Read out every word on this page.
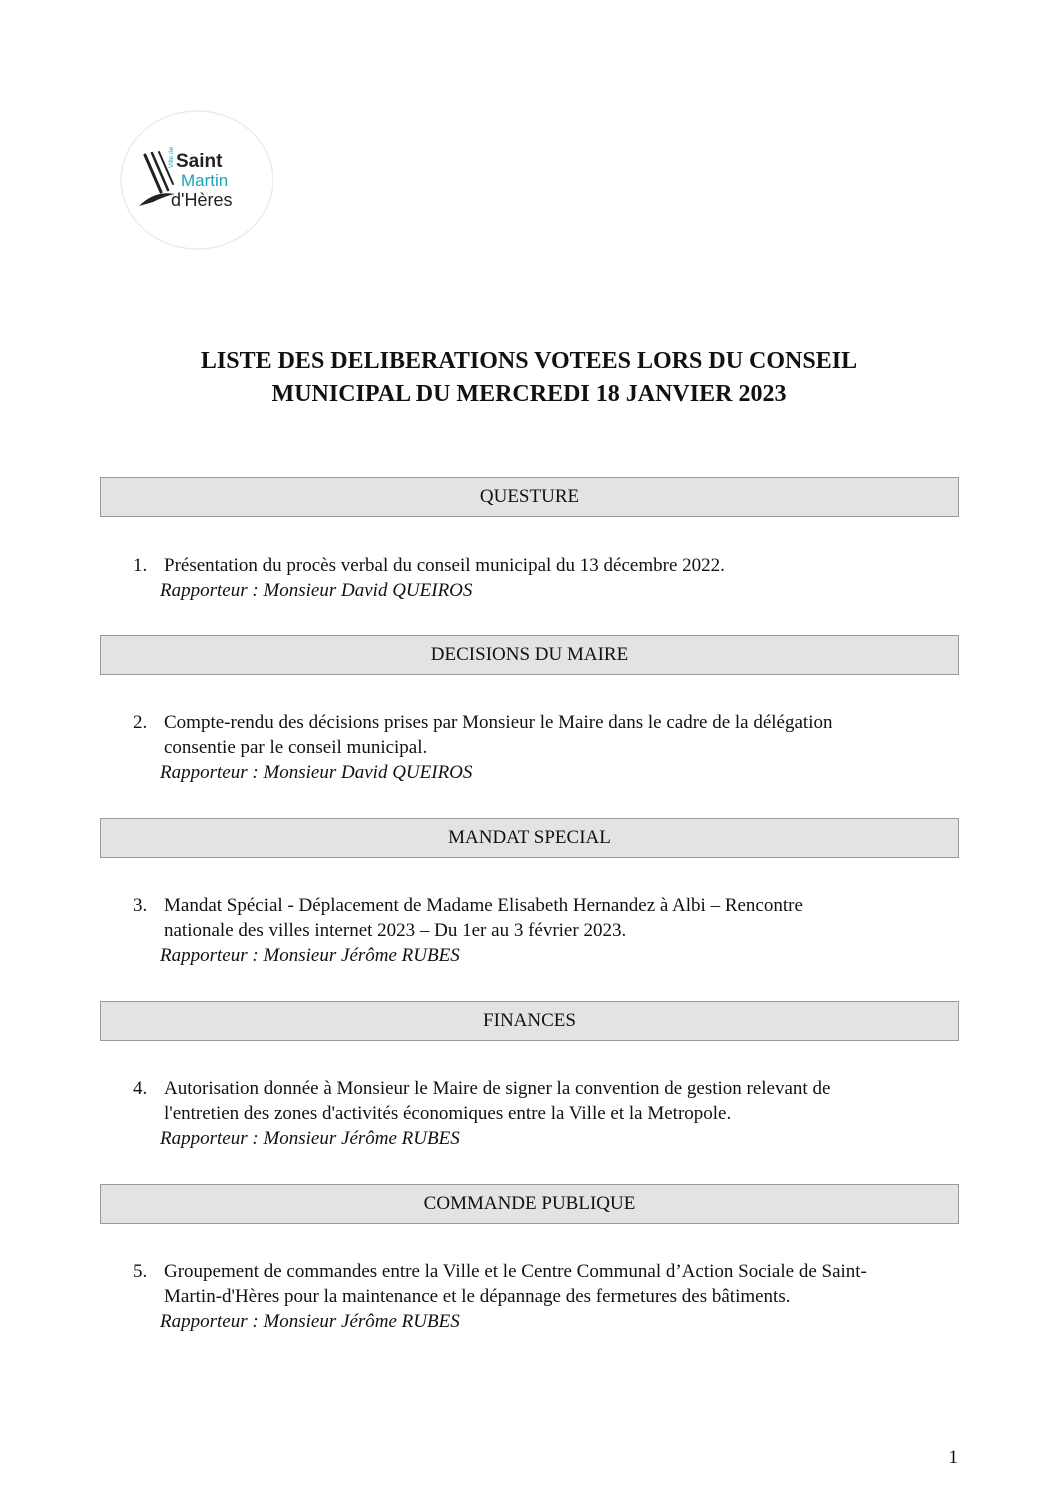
Ville de Saint
Martin
d'Hères
LISTE DES DELIBERATIONS VOTEES LORS DU CONSEIL
MUNICIPAL DU MERCREDI 18 JANVIER 2023
QUESTURE
1. Présentation du procès verbal du conseil municipal du 13 décembre 2022.
Rapporteur : Monsieur David QUEIROS
DECISIONS DU MAIRE
2. Compte-rendu des décisions prises par Monsieur le Maire dans le cadre de la délégation
consentie par le conseil municipal.
Rapporteur : Monsieur David QUEIROS
MANDAT SPECIAL
3. Mandat Spécial - Déplacement de Madame Elisabeth Hernandez à Albi – Rencontre
nationale des villes internet 2023 – Du 1er au 3 février 2023.
Rapporteur : Monsieur Jérôme RUBES
FINANCES
4. Autorisation donnée à Monsieur le Maire de signer la convention de gestion relevant de
l'entretien des zones d'activités économiques entre la Ville et la Metropole.
Rapporteur : Monsieur Jérôme RUBES
COMMANDE PUBLIQUE
5. Groupement de commandes entre la Ville et le Centre Communal d’Action Sociale de Saint-
Martin-d'Hères pour la maintenance et le dépannage des fermetures des bâtiments.
Rapporteur : Monsieur Jérôme RUBES
1
